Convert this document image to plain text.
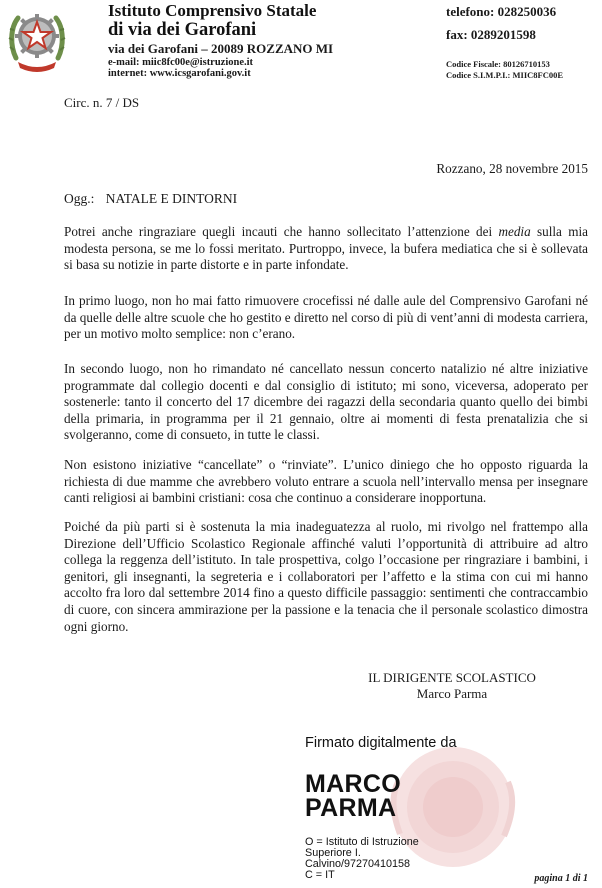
Istituto Comprensivo Statale
di via dei Garofani
via dei Garofani – 20089 ROZZANO MI
e-mail: miic8fc00e@istruzione.it
internet: www.icsgarofani.gov.it
telefono: 028250036
fax: 0289201598
Codice Fiscale: 80126710153
Codice S.I.M.P.I.: MIIC8FC00E
Circ. n. 7 / DS
Rozzano, 28 novembre 2015
Ogg.: NATALE E DINTORNI
Potrei anche ringraziare quegli incauti che hanno sollecitato l’attenzione dei media sulla mia modesta persona, se me lo fossi meritato. Purtroppo, invece, la bufera mediatica che si è sollevata si basa su notizie in parte distorte e in parte infondate.
In primo luogo, non ho mai fatto rimuovere crocefissi né dalle aule del Comprensivo Garofani né da quelle delle altre scuole che ho gestito e diretto nel corso di più di vent’anni di modesta carriera, per un motivo molto semplice: non c’erano.
In secondo luogo, non ho rimandato né cancellato nessun concerto natalizio né altre iniziative programmate dal collegio docenti e dal consiglio di istituto; mi sono, viceversa, adoperato per sostenerle: tanto il concerto del 17 dicembre dei ragazzi della secondaria quanto quello dei bimbi della primaria, in programma per il 21 gennaio, oltre ai momenti di festa prenatalizia che si svolgeranno, come di consueto, in tutte le classi.
Non esistono iniziative “cancellate” o “rinviate”. L’unico diniego che ho opposto riguarda la richiesta di due mamme che avrebbero voluto entrare a scuola nell’intervallo mensa per insegnare canti religiosi ai bambini cristiani: cosa che continuo a considerare inopportuna.
Poiché da più parti si è sostenuta la mia inadeguatezza al ruolo, mi rivolgo nel frattempo alla Direzione dell’Ufficio Scolastico Regionale affinché valuti l’opportunità di attribuire ad altro collega la reggenza dell’istituto. In tale prospettiva, colgo l’occasione per ringraziare i bambini, i genitori, gli insegnanti, la segreteria e i collaboratori per l’affetto e la stima con cui mi hanno accolto fra loro dal settembre 2014 fino a questo difficile passaggio: sentimenti che contraccambio di cuore, con sincera ammirazione per la passione e la tenacia che il personale scolastico dimostra ogni giorno.
IL DIRIGENTE SCOLASTICO
Marco Parma
Firmato digitalmente da
MARCO
PARMA
O = Istituto di Istruzione
Superiore I.
Calvino/97270410158
C = IT	pagina 1 di 1
